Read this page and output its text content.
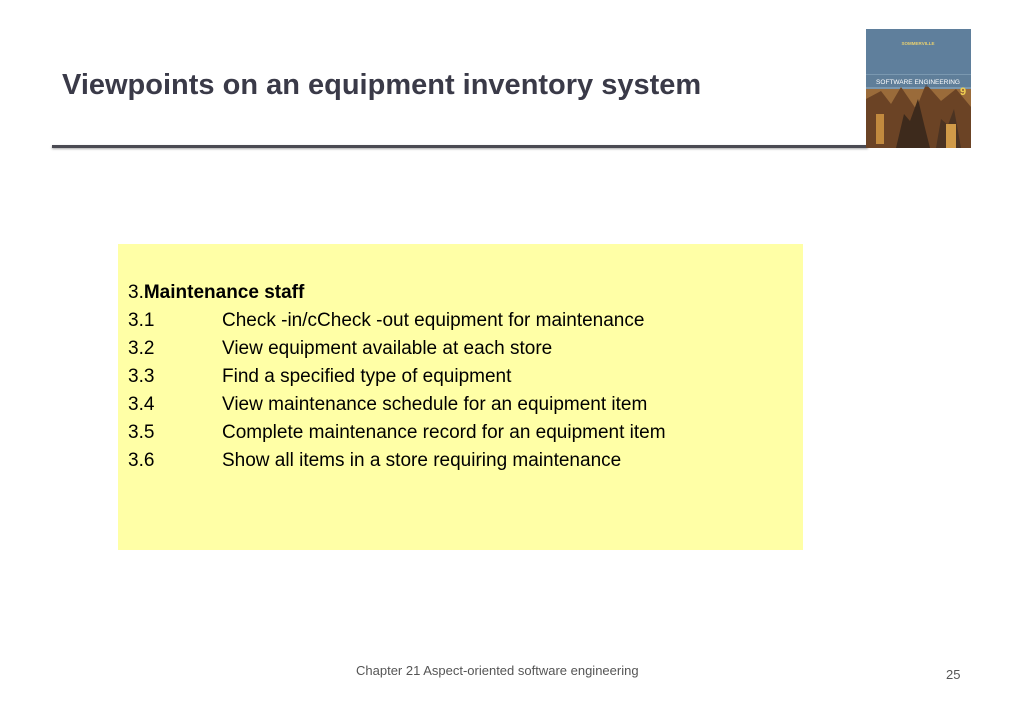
Viewpoints on an equipment inventory system
SOMMERVILLE
SOFTWARE ENGINEERING
9
3. Maintenance staff
3.1	Check -in/cCheck -out equipment for maintenance
3.2	View equipment available at each store
3.3	Find a specified type of equipment
3.4	View maintenance schedule for an equipment item
3.5	Complete maintenance record for an equipment item
3.6	Show all items in a store requiring maintenance
Chapter 21 Aspect-oriented software engineering	25
